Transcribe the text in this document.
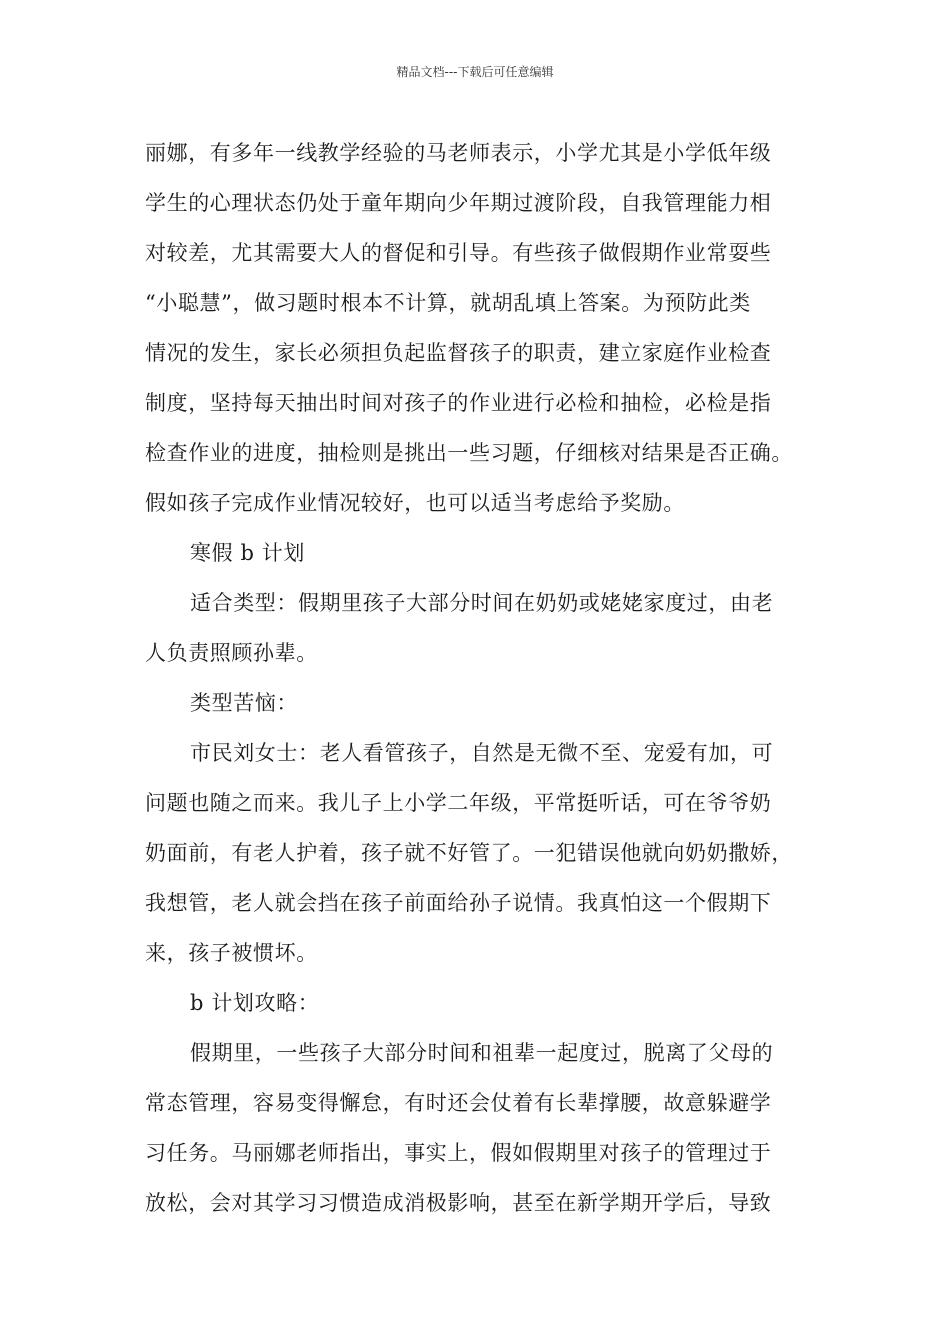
精品文档---下载后可任意编辑

丽娜，有多年一线教学经验的马老师表示，小学尤其是小学低年级

学生的心理状态仍处于童年期向少年期过渡阶段，自我管理能力相

对较差，尤其需要大人的督促和引导。有些孩子做假期作业常耍些

“小聪慧”，做习题时根本不计算，就胡乱填上答案。为预防此类

情况的发生，家长必须担负起监督孩子的职责，建立家庭作业检查

制度，坚持每天抽出时间对孩子的作业进行必检和抽检，必检是指

检查作业的进度，抽检则是挑出一些习题，仔细核对结果是否正确。

假如孩子完成作业情况较好，也可以适当考虑给予奖励。

寒假 b 计划

适合类型：假期里孩子大部分时间在奶奶或姥姥家度过，由老

人负责照顾孙辈。

类型苦恼：

市民刘女士：老人看管孩子，自然是无微不至、宠爱有加，可

问题也随之而来。我儿子上小学二年级，平常挺听话，可在爷爷奶

奶面前，有老人护着，孩子就不好管了。一犯错误他就向奶奶撒娇，

我想管，老人就会挡在孩子前面给孙子说情。我真怕这一个假期下

来，孩子被惯坏。

b 计划攻略：

假期里，一些孩子大部分时间和祖辈一起度过，脱离了父母的

常态管理，容易变得懈怠，有时还会仗着有长辈撑腰，故意躲避学

习任务。马丽娜老师指出，事实上，假如假期里对孩子的管理过于

放松，会对其学习习惯造成消极影响，甚至在新学期开学后，导致
